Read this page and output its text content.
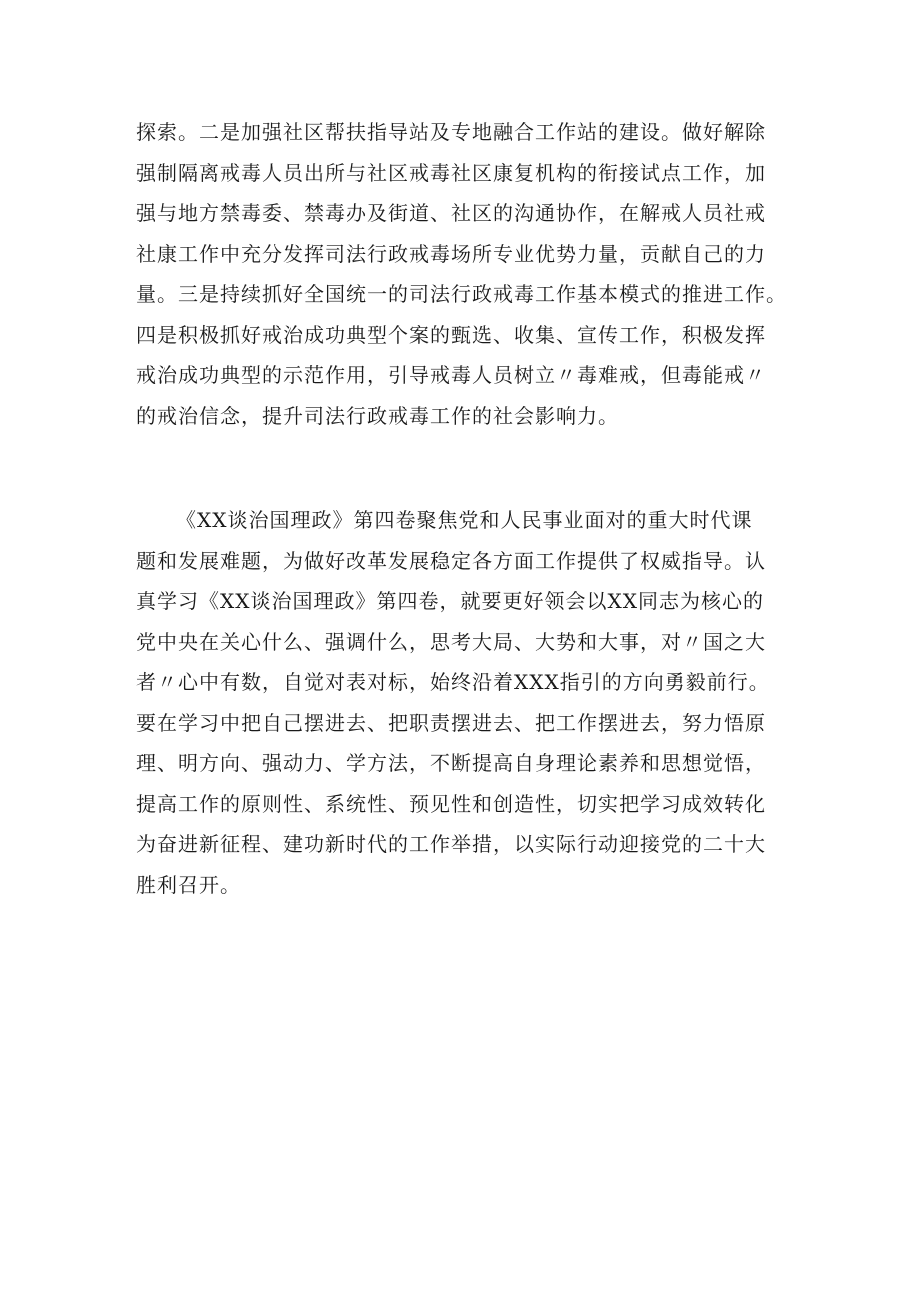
探索。二是加强社区帮扶指导站及专地融合工作站的建设。做好解除
强制隔离戒毒人员出所与社区戒毒社区康复机构的衔接试点工作，加
强与地方禁毒委、禁毒办及街道、社区的沟通协作，在解戒人员社戒
社康工作中充分发挥司法行政戒毒场所专业优势力量，贡献自己的力
量。三是持续抓好全国统一的司法行政戒毒工作基本模式的推进工作。
四是积极抓好戒治成功典型个案的甄选、收集、宣传工作，积极发挥
戒治成功典型的示范作用，引导戒毒人员树立〃毒难戒，但毒能戒〃
的戒治信念，提升司法行政戒毒工作的社会影响力。
《XX谈治国理政》第四卷聚焦党和人民事业面对的重大时代课
题和发展难题，为做好改革发展稳定各方面工作提供了权威指导。认
真学习《XX谈治国理政》第四卷，就要更好领会以XX同志为核心的
党中央在关心什么、强调什么，思考大局、大势和大事，对〃国之大
者〃心中有数，自觉对表对标，始终沿着XXX指引的方向勇毅前行。
要在学习中把自己摆进去、把职责摆进去、把工作摆进去，努力悟原
理、明方向、强动力、学方法，不断提高自身理论素养和思想觉悟，
提高工作的原则性、系统性、预见性和创造性，切实把学习成效转化
为奋进新征程、建功新时代的工作举措，以实际行动迎接党的二十大
胜利召开。
